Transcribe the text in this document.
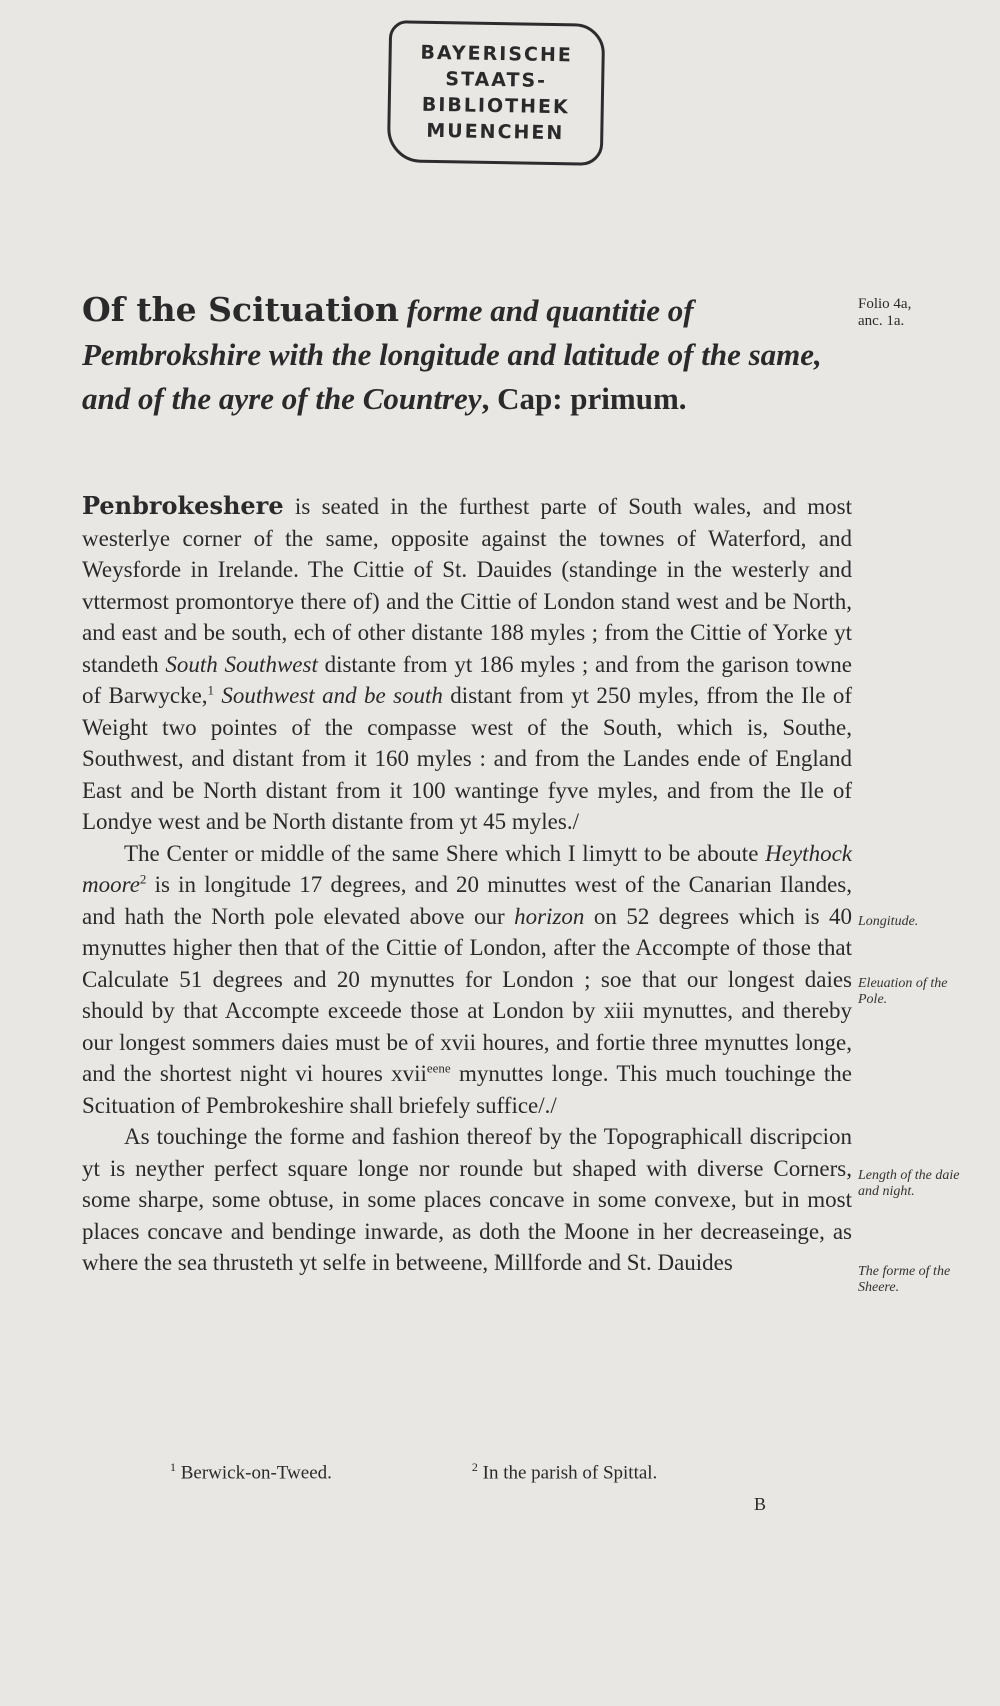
BAYERISCHE
STAATS-
BIBLIOTHEK
MUENCHEN
Folio 4a,
anc. 1a.
Of the Scituation forme and quantitie of Pembrokshire with the longitude and latitude of the same, and of the ayre of the Countrey, Cap: primum.

Penbrokeshere is seated in the furthest parte of South wales, and most westerlye corner of the same, opposite against the townes of Waterford, and Weysforde in Irelande. The Cittie of St. Dauides (standinge in the westerly and vttermost promontorye there of) and the Cittie of London stand west and be North, and east and be south, ech of other distante 188 myles ; from the Cittie of Yorke yt standeth South Southwest distante from yt 186 myles ; and from the garison towne of Barwycke,$^1$ Southwest and be south distant from yt 250 myles, ffrom the Ile of Weight two pointes of the compasse west of the South, which is, Southe, Southwest, and distant from it 160 myles : and from the Landes ende of England East and be North distant from it 100 wantinge fyve myles, and from the Ile of Londye west and be North distante from yt 45 myles./

The Center or middle of the same Shere which I limytt to be aboute Heythock moore$^2$ is in longitude 17 degrees, and 20 minuttes west of the Canarian Ilandes, and hath the North pole elevated above our horizon on 52 degrees which is 40 mynuttes higher then that of the Cittie of London, after the Accompte of those that Calculate 51 degrees and 20 mynuttes for London ; soe that our longest daies should by that Accompte exceede those at London by xiii mynuttes, and thereby our longest sommers daies must be of xvii houres, and fortie three mynuttes longe, and the shortest night vi houres xvii$^{eene}$ mynuttes longe. This much touchinge the Scituation of Pembrokeshire shall briefely suffice/./

As touchinge the forme and fashion thereof by the Topographicall discripcion yt is neyther perfect square longe nor rounde but shaped with diverse Corners, some sharpe, some obtuse, in some places concave in some convexe, but in most places concave and bendinge inwarde, as doth the Moone in her decreaseinge, as where the sea thrusteth yt selfe in betweene, Millforde and St. Dauides

Longitude.
Eleuation of the Pole.
Length of the daie and night.
The forme of the Sheere.
$^1$ Berwick-on-Tweed.	$^2$ In the parish of Spittal.
B
